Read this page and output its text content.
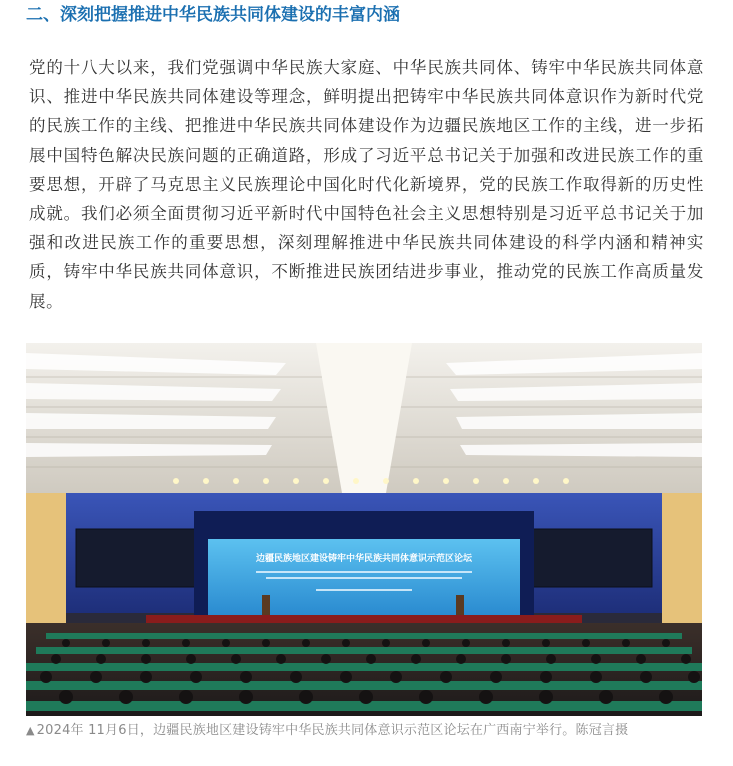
二、深刻把握推进中华民族共同体建设的丰富内涵
党的十八大以来，我们党强调中华民族大家庭、中华民族共同体、铸牢中华民族共同体意识、推进中华民族共同体建设等理念，鲜明提出把铸牢中华民族共同体意识作为新时代党的民族工作的主线、把推进中华民族共同体建设作为边疆民族地区工作的主线，进一步拓展中国特色解决民族问题的正确道路，形成了习近平总书记关于加强和改进民族工作的重要思想，开辟了马克思主义民族理论中国化时代化新境界，党的民族工作取得新的历史性成就。我们必须全面贯彻习近平新时代中国特色社会主义思想特别是习近平总书记关于加强和改进民族工作的重要思想，深刻理解推进中华民族共同体建设的科学内涵和精神实质，铸牢中华民族共同体意识，不断推进民族团结进步事业，推动党的民族工作高质量发展。
边疆民族地区建设铸牢中华民族共同体意识示范区论坛
▲ 2024年 11月6日，边疆民族地区建设铸牢中华民族共同体意识示范区论坛在广西南宁举行。陈冠言摄
